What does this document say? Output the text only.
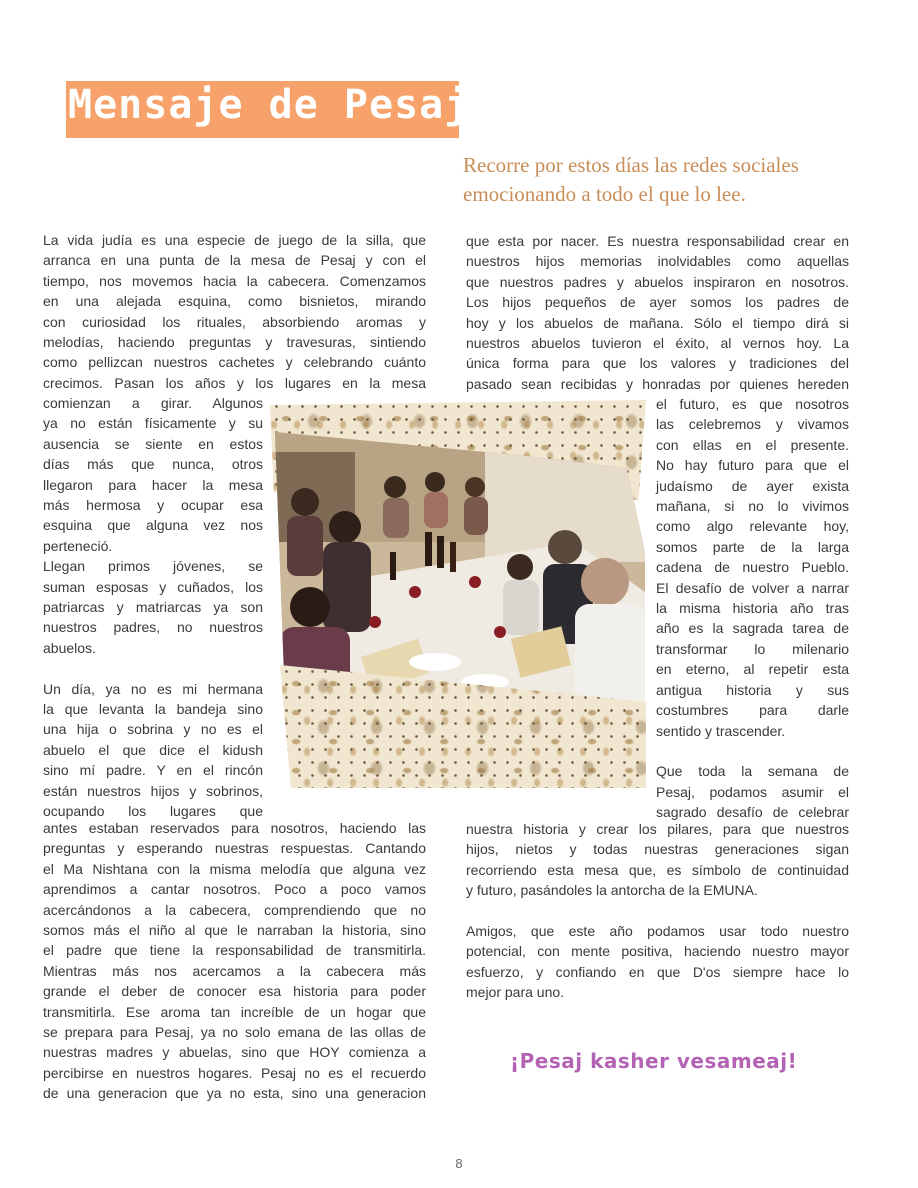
Mensaje de Pesaj
Recorre por estos días las redes sociales
emocionando a todo el que lo lee.

La vida judía es una especie de juego de la silla, que

arranca en una punta de la mesa de Pesaj y con el

tiempo, nos movemos hacia la cabecera. Comenzamos

en una alejada esquina, como bisnietos, mirando

con curiosidad los rituales, absorbiendo aromas y

melodías, haciendo preguntas y travesuras, sintiendo

como pellizcan nuestros cachetes y celebrando cuánto

crecimos. Pasan los años y los lugares en la mesa

comienzan a girar. Algunos

ya no están físicamente y su

ausencia se siente en estos

días más que nunca, otros

llegaron para hacer la mesa

más hermosa y ocupar esa

esquina que alguna vez nos

perteneció.

Llegan primos jóvenes, se

suman esposas y cuñados, los

patriarcas y matriarcas ya son

nuestros padres, no nuestros

abuelos.

Un día, ya no es mi hermana

la que levanta la bandeja sino

una hija o sobrina y no es el

abuelo el que dice el kidush

sino mí padre. Y en el rincón

están nuestros hijos y sobrinos,

ocupando los lugares que

antes estaban reservados para nosotros, haciendo las

preguntas y esperando nuestras respuestas. Cantando

el Ma Nishtana con la misma melodía que alguna vez

aprendimos a cantar nosotros. Poco a poco vamos

acercándonos a la cabecera, comprendiendo que no

somos más el niño al que le narraban la historia, sino

el padre que tiene la responsabilidad de transmitirla.

Mientras más nos acercamos a la cabecera más

grande el deber de conocer esa historia para poder

transmitirla. Ese aroma tan increíble de un hogar que

se prepara para Pesaj, ya no solo emana de las ollas de

nuestras madres y abuelas, sino que HOY comienza a

percibirse en nuestros hogares. Pesaj no es el recuerdo

de una generacion que ya no esta, sino una generacion

que esta por nacer. Es nuestra responsabilidad crear en

nuestros hijos memorias inolvidables como aquellas

que nuestros padres y abuelos inspiraron en nosotros.

Los hijos pequeños de ayer somos los padres de

hoy y los abuelos de mañana. Sólo el tiempo dirá si

nuestros abuelos tuvieron el éxito, al vernos hoy. La

única forma para que los valores y tradiciones del

pasado sean recibidas y honradas por quienes hereden

el futuro, es que nosotros

las celebremos y vivamos

con ellas en el presente.

No hay futuro para que el

judaísmo de ayer exista

mañana, si no lo vivimos

como algo relevante hoy,

somos parte de la larga

cadena de nuestro Pueblo.

El desafío de volver a narrar

la misma historia año tras

año es la sagrada tarea de

transformar lo milenario

en eterno, al repetir esta

antigua historia y sus

costumbres para darle

sentido y trascender.

Que toda la semana de

Pesaj, podamos asumir el

sagrado desafío de celebrar

nuestra historia y crear los pilares, para que nuestros

hijos, nietos y todas nuestras generaciones sigan

recorriendo esta mesa que, es símbolo de continuidad

y futuro, pasándoles la antorcha de la EMUNA.

Amigos, que este año podamos usar todo nuestro

potencial, con mente positiva, haciendo nuestro mayor

esfuerzo, y confiando en que D'os siempre hace lo

mejor para uno.

¡Pesaj kasher vesameaj!
8
